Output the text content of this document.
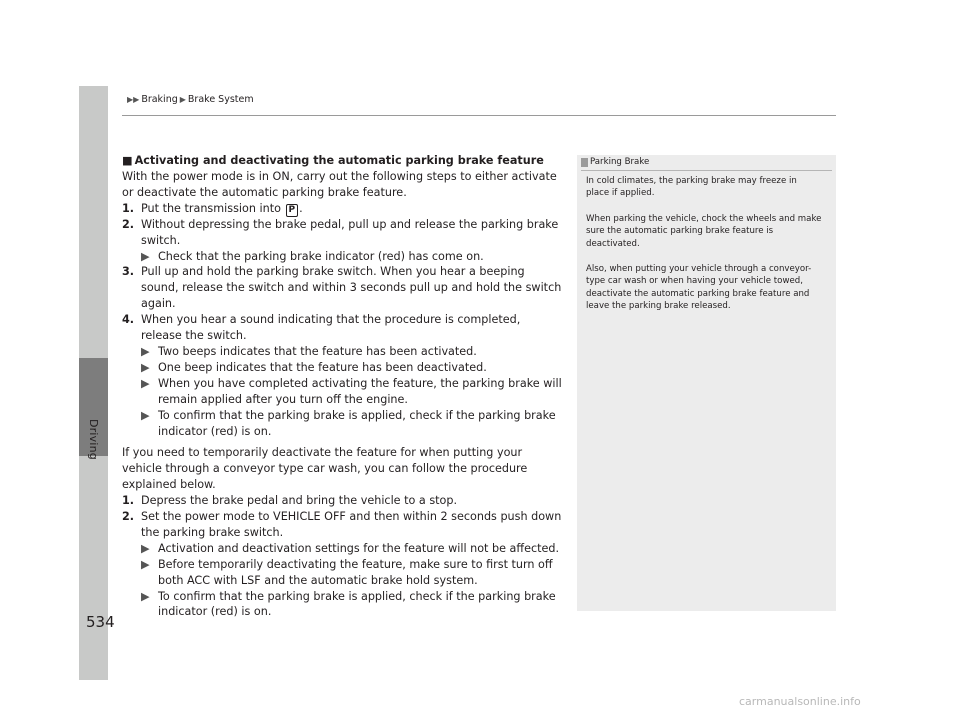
Driving
▶▶ Braking ▶ Brake System

■ Activating and deactivating the automatic parking brake feature

With the power mode is in ON, carry out the following steps to either activate or deactivate the automatic parking brake feature.

1. Put the transmission into P .

2. Without depressing the brake pedal, pull up and release the parking brake switch.

▶ Check that the parking brake indicator (red) has come on.

3. Pull up and hold the parking brake switch. When you hear a beeping sound, release the switch and within 3 seconds pull up and hold the switch again.

4. When you hear a sound indicating that the procedure is completed, release the switch.

▶ Two beeps indicates that the feature has been activated.

▶ One beep indicates that the feature has been deactivated.

▶ When you have completed activating the feature, the parking brake will remain applied after you turn off the engine.

▶ To confirm that the parking brake is applied, check if the parking brake indicator (red) is on.

If you need to temporarily deactivate the feature for when putting your vehicle through a conveyor type car wash, you can follow the procedure explained below.

1. Depress the brake pedal and bring the vehicle to a stop.

2. Set the power mode to VEHICLE OFF and then within 2 seconds push down the parking brake switch.

▶ Activation and deactivation settings for the feature will not be affected.

▶ Before temporarily deactivating the feature, make sure to first turn off both ACC with LSF and the automatic brake hold system.

▶ To confirm that the parking brake is applied, check if the parking brake indicator (red) is on.

Parking Brake

In cold climates, the parking brake may freeze in place if applied.

When parking the vehicle, chock the wheels and make sure the automatic parking brake feature is deactivated.

Also, when putting your vehicle through a conveyor-type car wash or when having your vehicle towed, deactivate the automatic parking brake feature and leave the parking brake released.

534
carmanualsonline.info
